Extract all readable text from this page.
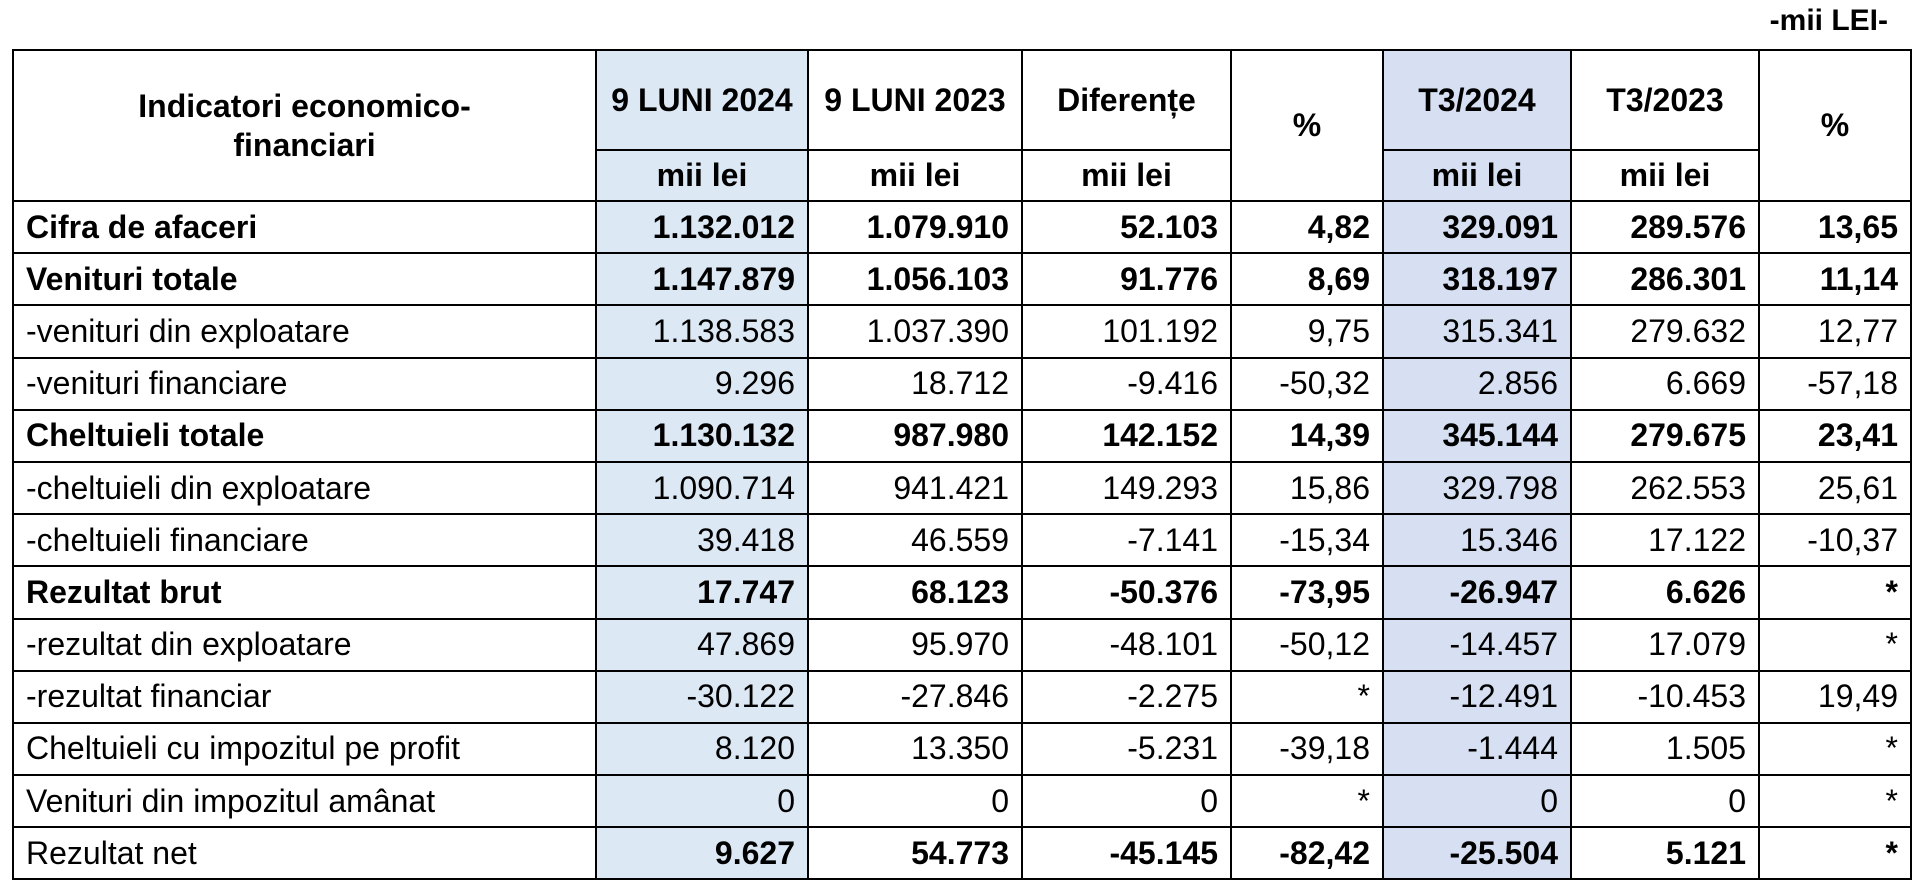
-mii LEI-
Indicatori economico-financiari	9 LUNI 2024	9 LUNI 2023	Diferențe	%	T3/2024	T3/2023	%
	mii lei	mii lei	mii lei		mii lei	mii lei	
Cifra de afaceri	1.132.012	1.079.910	52.103	4,82	329.091	289.576	13,65
Venituri totale	1.147.879	1.056.103	91.776	8,69	318.197	286.301	11,14
-venituri din exploatare	1.138.583	1.037.390	101.192	9,75	315.341	279.632	12,77
-venituri financiare	9.296	18.712	-9.416	-50,32	2.856	6.669	-57,18
Cheltuieli totale	1.130.132	987.980	142.152	14,39	345.144	279.675	23,41
-cheltuieli din exploatare	1.090.714	941.421	149.293	15,86	329.798	262.553	25,61
-cheltuieli financiare	39.418	46.559	-7.141	-15,34	15.346	17.122	-10,37
Rezultat brut	17.747	68.123	-50.376	-73,95	-26.947	6.626	*
-rezultat din exploatare	47.869	95.970	-48.101	-50,12	-14.457	17.079	*
-rezultat financiar	-30.122	-27.846	-2.275	*	-12.491	-10.453	19,49
Cheltuieli cu impozitul pe profit	8.120	13.350	-5.231	-39,18	-1.444	1.505	*
Venituri din impozitul amânat	0	0	0	*	0	0	*
Rezultat net	9.627	54.773	-45.145	-82,42	-25.504	5.121	*
